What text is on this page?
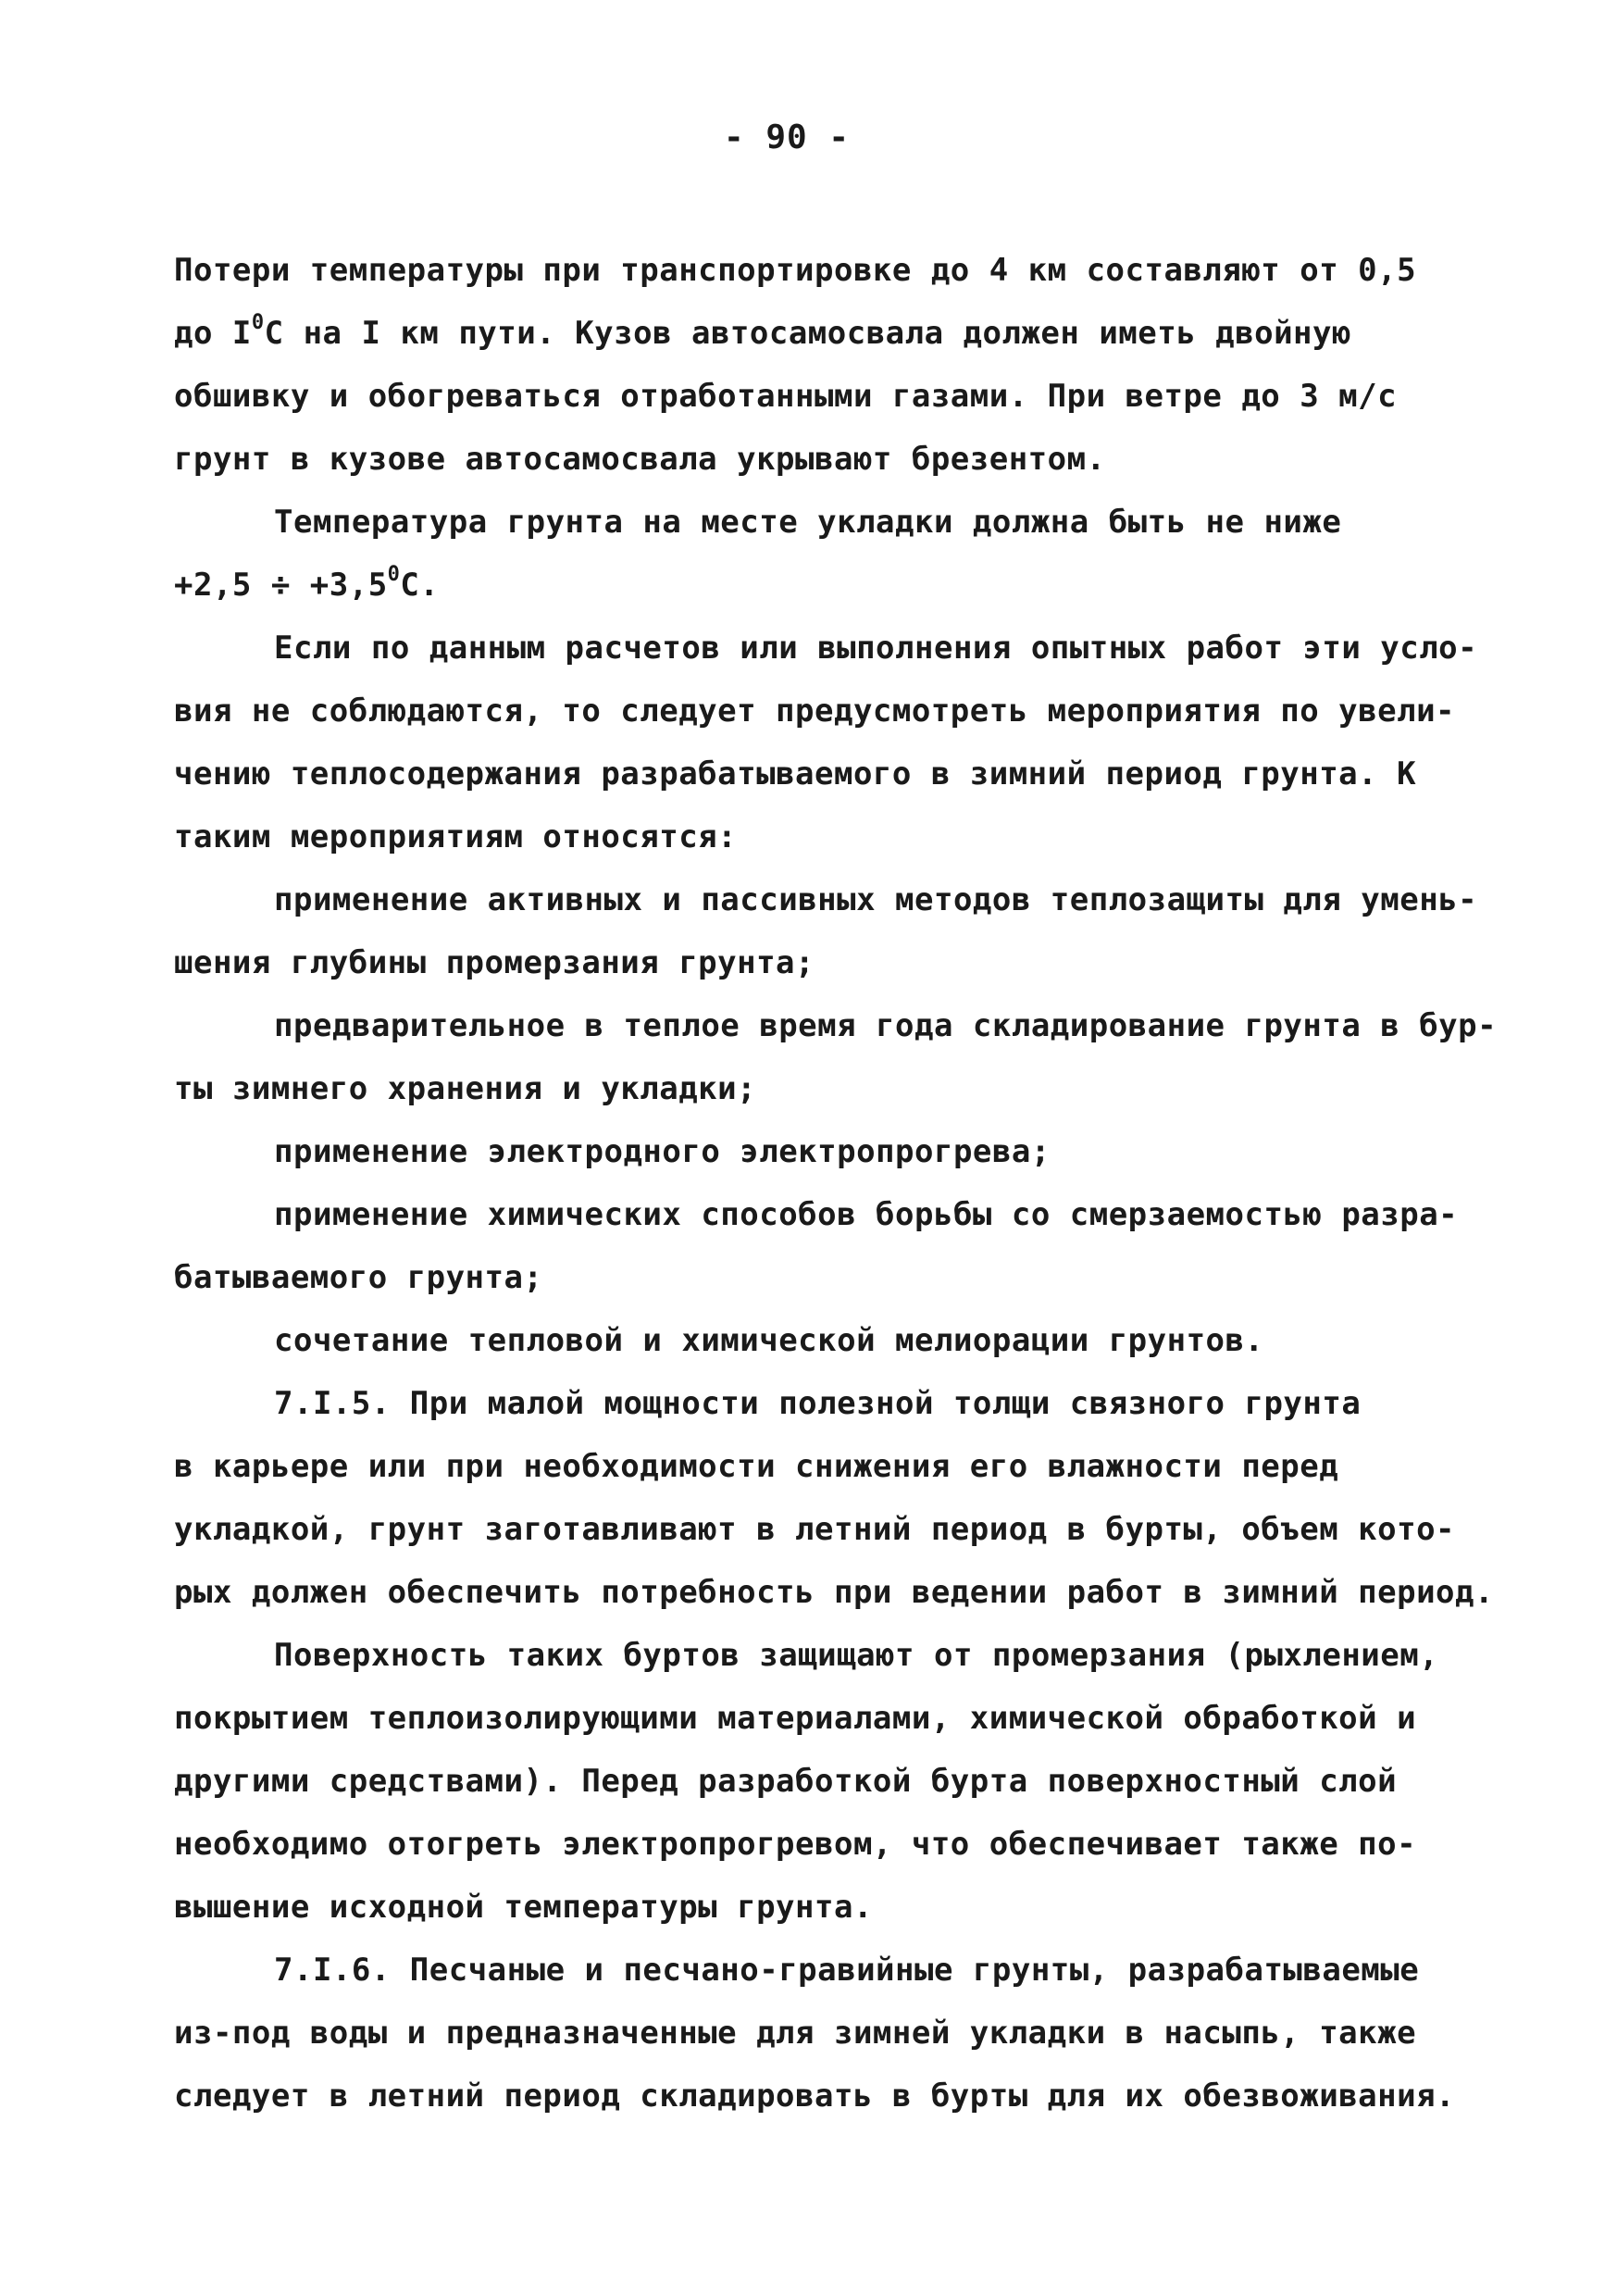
- 90 -
Потери температуры при транспортировке до 4 км составляют от 0,5
до $I^0С$ на I км пути. Кузов автосамосвала должен иметь двойную
обшивку и обогреваться отработанными газами. При ветре до 3 м/с
грунт в кузове автосамосвала укрывают брезентом.
Температура грунта на месте укладки должна быть не ниже
$+2,5 \div +3,5^0С$.
Если по данным расчетов или выполнения опытных работ эти усло-
вия не соблюдаются, то следует предусмотреть мероприятия по увели-
чению теплосодержания разрабатываемого в зимний период грунта. К
таким мероприятиям относятся:
применение активных и пассивных методов теплозащиты для умень-
шения глубины промерзания грунта;
предварительное в теплое время года складирование грунта в бур-
ты зимнего хранения и укладки;
применение электродного электропрогрева;
применение химических способов борьбы со смерзаемостью разра-
батываемого грунта;
сочетание тепловой и химической мелиорации грунтов.
7.I.5. При малой мощности полезной толщи связного грунта
в карьере или при необходимости снижения его влажности перед
укладкой, грунт заготавливают в летний период в бурты, объем кото-
рых должен обеспечить потребность при ведении работ в зимний период.
Поверхность таких буртов защищают от промерзания (рыхлением,
покрытием теплоизолирующими материалами, химической обработкой и
другими средствами). Перед разработкой бурта поверхностный слой
необходимо отогреть электропрогревом, что обеспечивает также по-
вышение исходной температуры грунта.
7.I.6. Песчаные и песчано-гравийные грунты, разрабатываемые
из-под воды и предназначенные для зимней укладки в насыпь, также
следует в летний период складировать в бурты для их обезвоживания.
